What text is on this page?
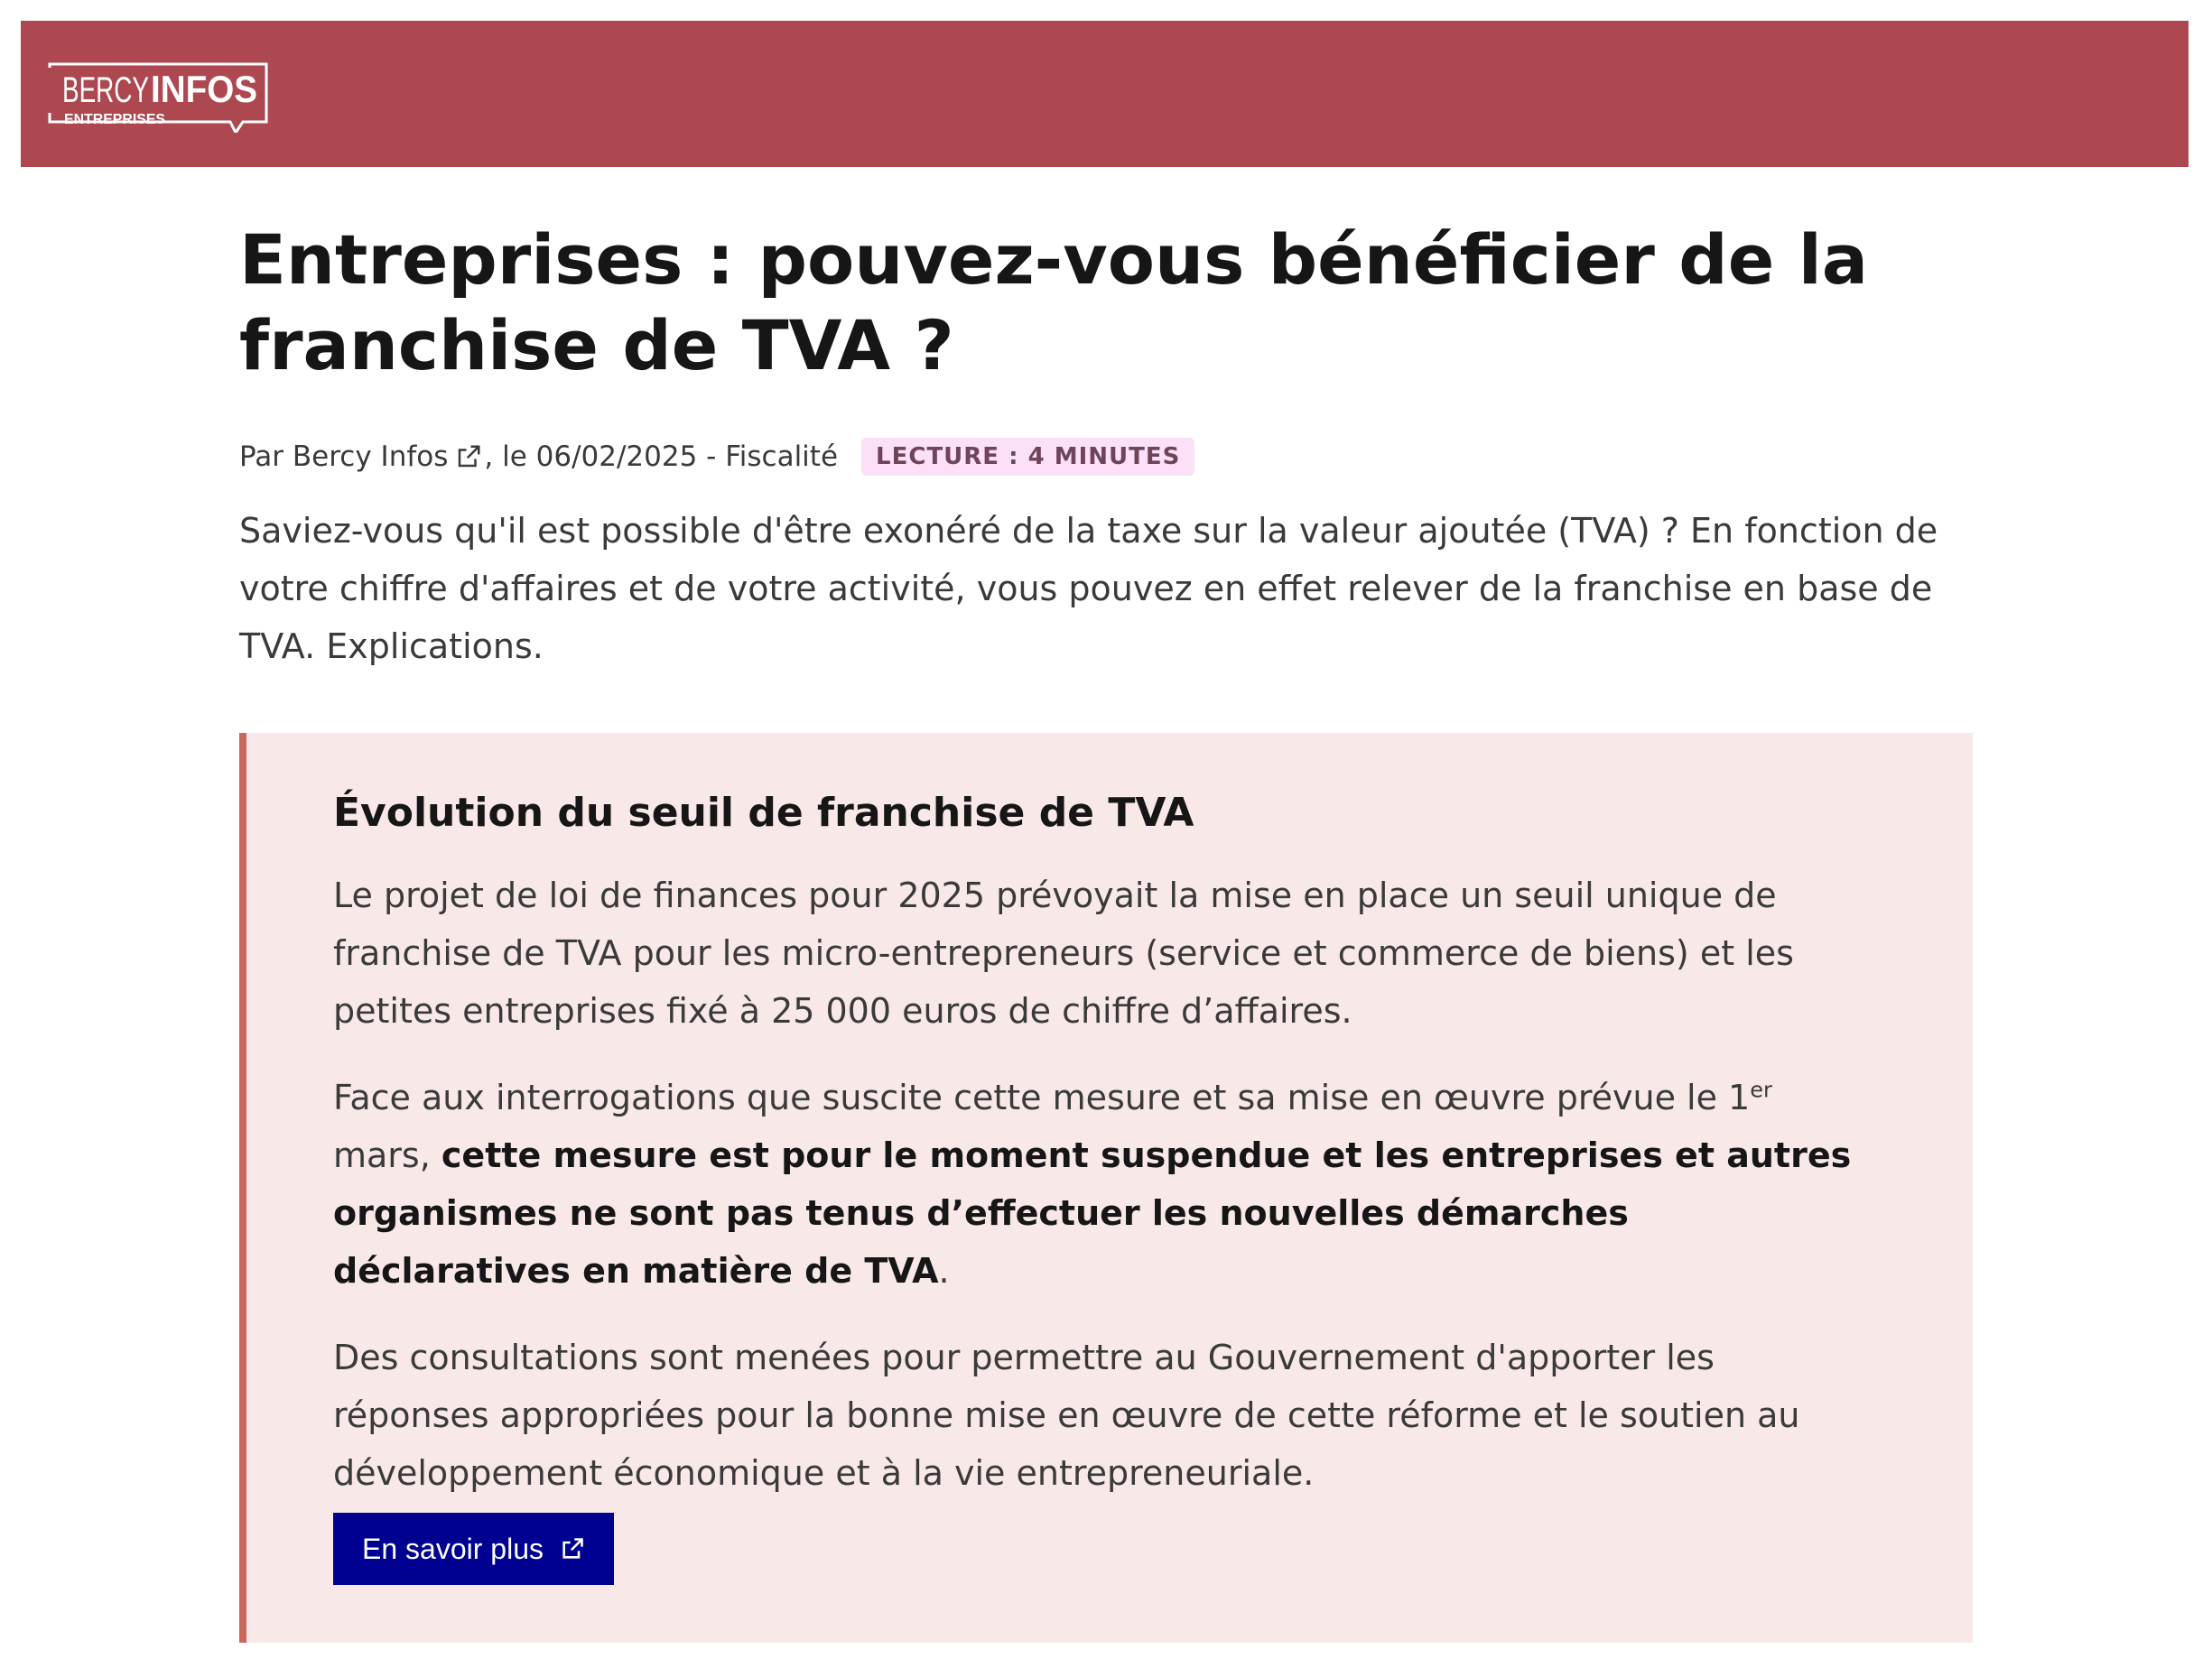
BERCY INFOS
ENTREPRISES
Entreprises : pouvez-vous bénéficier de la franchise de TVA ?
Par Bercy Infos , le 06/02/2025 - Fiscalité	LECTURE : 4 MINUTES
Saviez-vous qu'il est possible d'être exonéré de la taxe sur la valeur ajoutée (TVA) ? En fonction de votre chiffre d'affaires et de votre activité, vous pouvez en effet relever de la franchise en base de TVA. Explications.
Évolution du seuil de franchise de TVA

Le projet de loi de finances pour 2025 prévoyait la mise en place un seuil unique de franchise de TVA pour les micro-entrepreneurs (service et commerce de biens) et les petites entreprises fixé à 25 000 euros de chiffre d’affaires.

Face aux interrogations que suscite cette mesure et sa mise en œuvre prévue le 1er mars, cette mesure est pour le moment suspendue et les entreprises et autres organismes ne sont pas tenus d’effectuer les nouvelles démarches déclaratives en matière de TVA.

Des consultations sont menées pour permettre au Gouvernement d'apporter les réponses appropriées pour la bonne mise en œuvre de cette réforme et le soutien au développement économique et à la vie entrepreneuriale.

En savoir plus
